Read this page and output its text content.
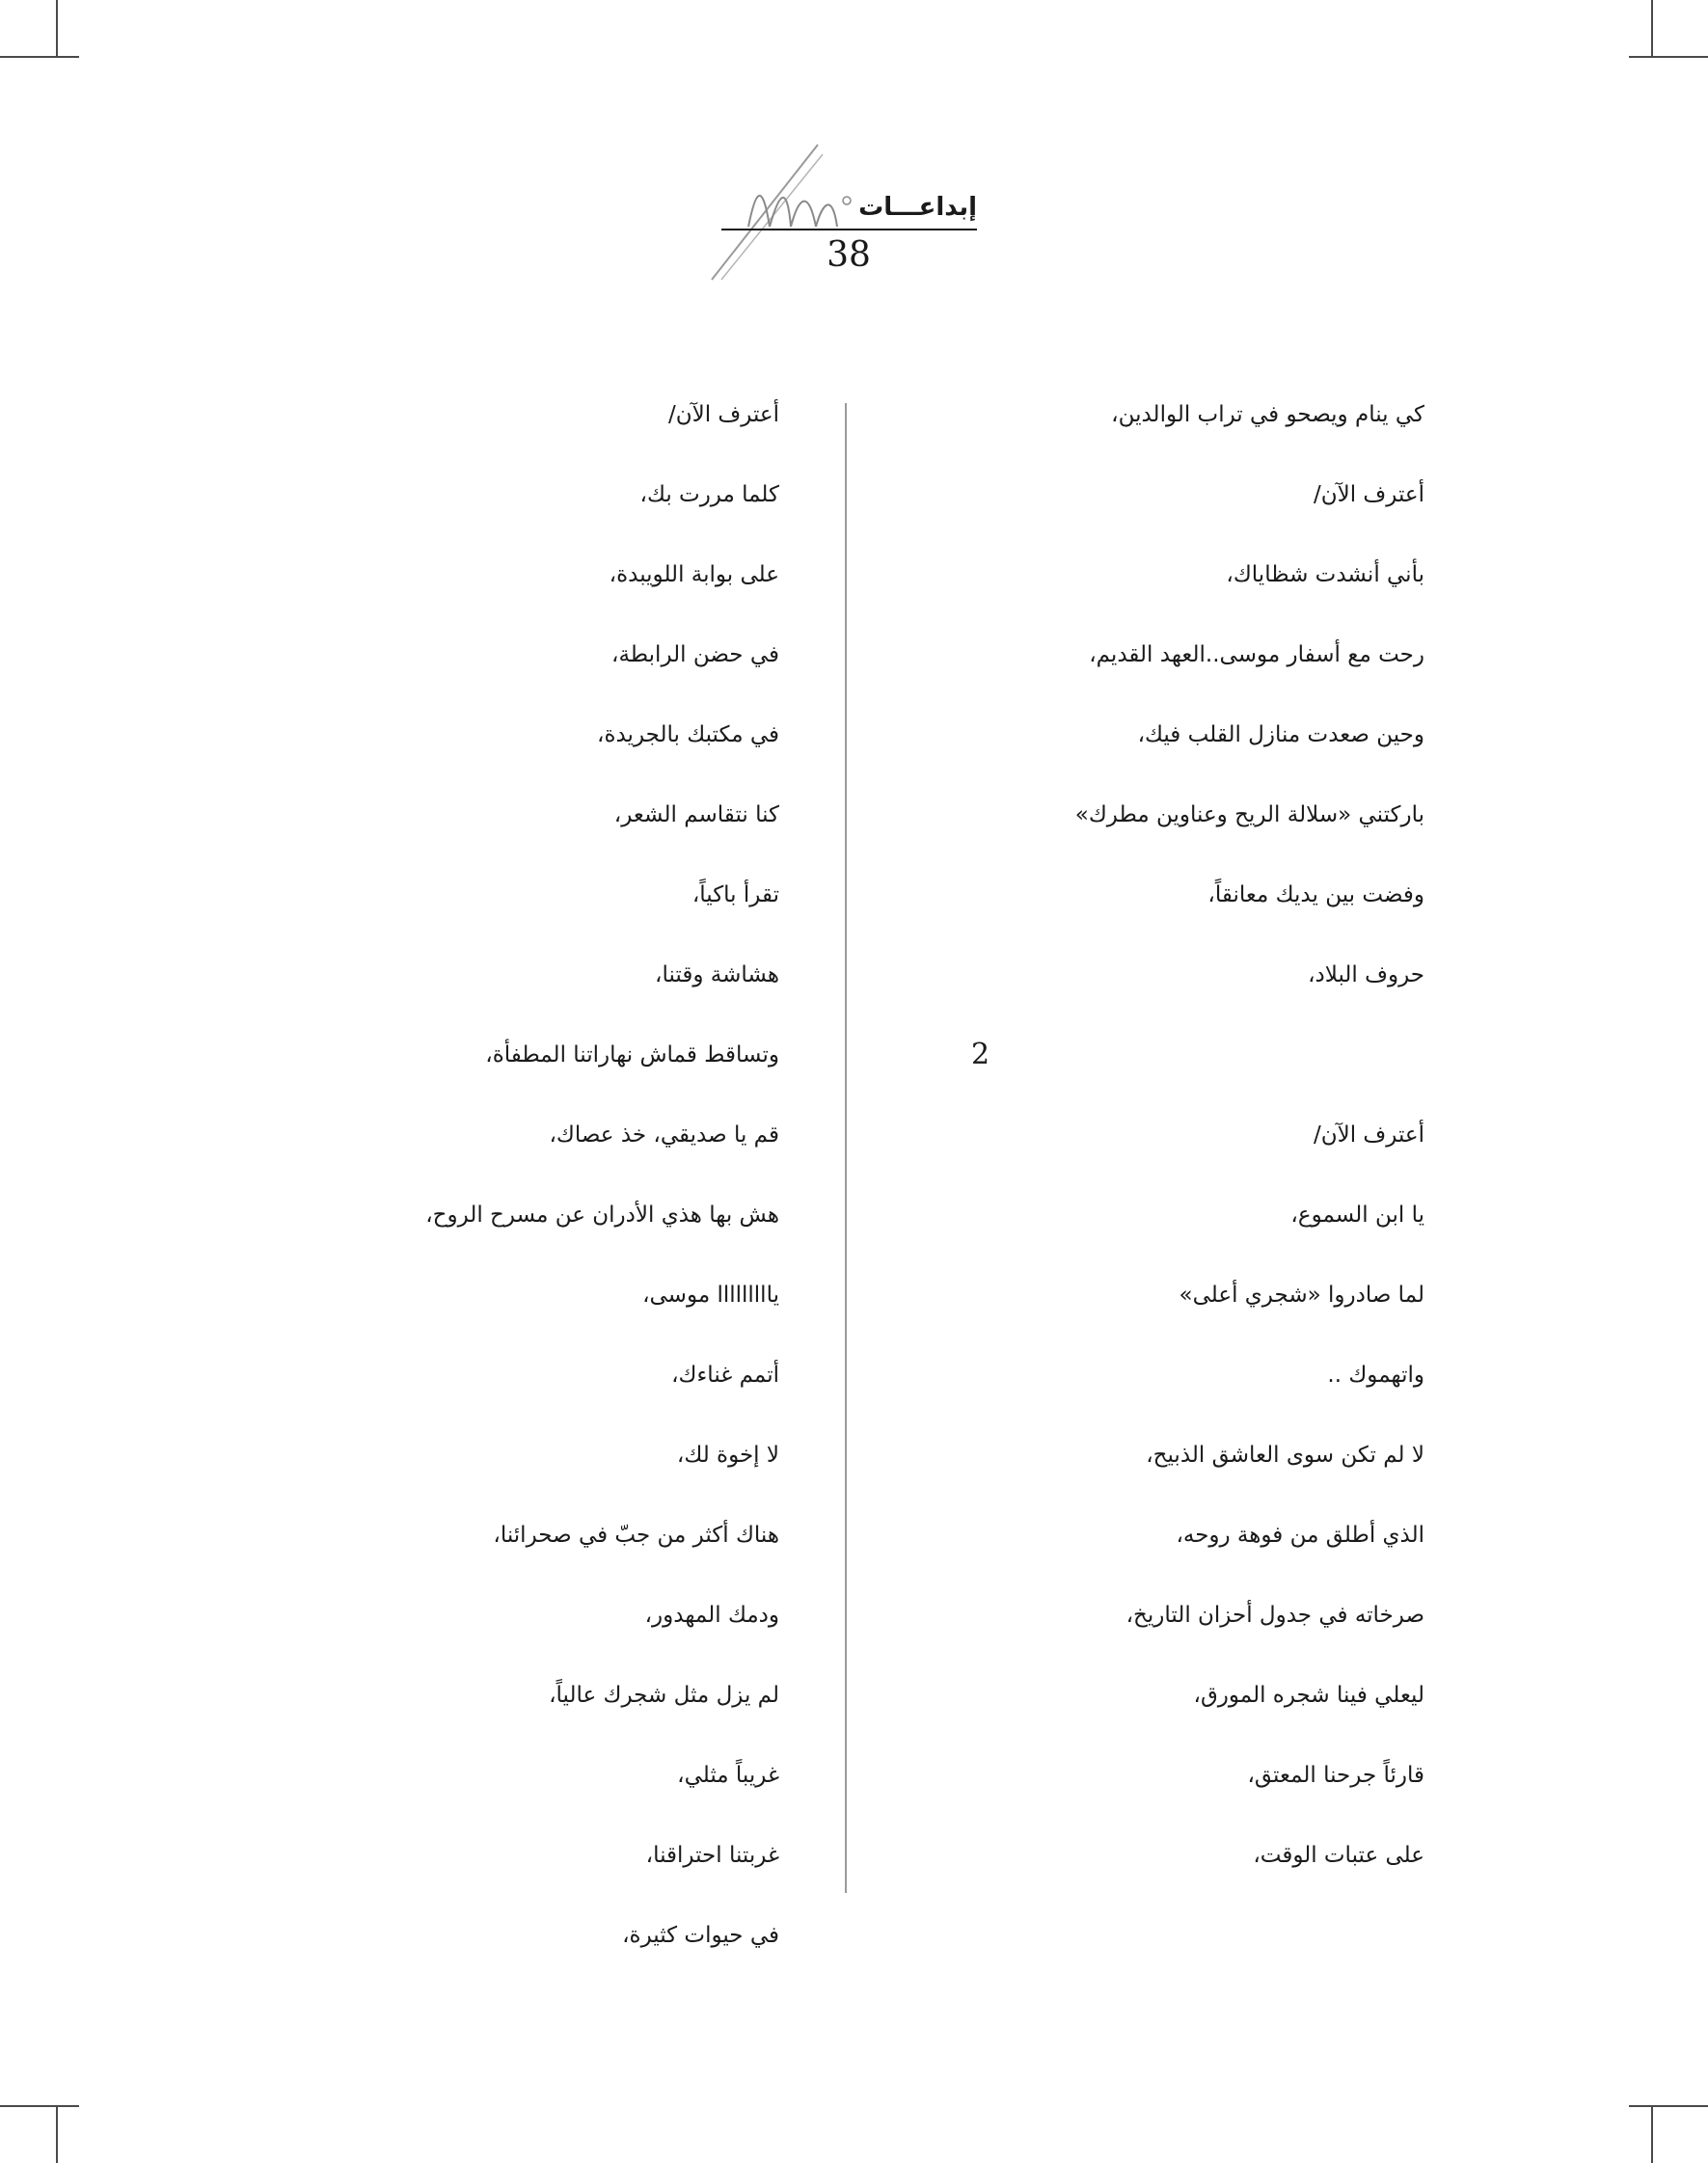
إبداعـــات
38
كي ينام ويصحو في تراب الوالدين،
أعترف الآن/
بأني أنشدت شظاياك،
رحت مع أسفار موسى..العهد القديم،
وحين صعدت منازل القلب فيك،
باركتني «سلالة الريح وعناوين مطرك»
وفضت بين يديك معانقاً،
حروف البلاد،
2
أعترف الآن/
يا ابن السموع،
لما صادروا «شجري أعلى»
واتهموك ..
لا لم تكن سوى العاشق الذبيح،
الذي أطلق من فوهة روحه،
صرخاته في جدول أحزان التاريخ،
ليعلي فينا شجره المورق،
قارئاً جرحنا المعتق،
على عتبات الوقت،
أعترف الآن/
كلما مررت بك،
على بوابة اللويبدة،
في حضن الرابطة،
في مكتبك بالجريدة،
كنا نتقاسم الشعر،
تقرأ باكياً،
هشاشة وقتنا،
وتساقط قماش نهاراتنا المطفأة،
قم يا صديقي، خذ عصاك،
هش بها هذي الأدران عن مسرح الروح،
يااااااااا موسى،
أتمم غناءك،
لا إخوة لك،
هناك أكثر من جبّ في صحرائنا،
ودمك المهدور،
لم يزل مثل شجرك عالياً،
غريباً مثلي،
غربتنا احتراقنا،
في حيوات كثيرة،
